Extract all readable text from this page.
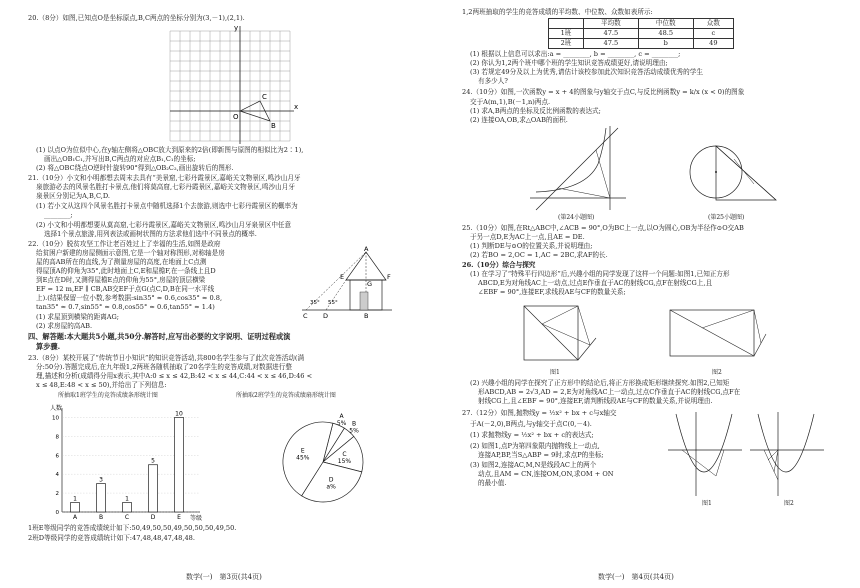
20.（8分）如图,已知点O是坐标原点,B,C两点的坐标分别为(3,－1),(2,1).
y
x
O
B
C
(1) 以点O为位似中心,在y轴左侧将△OBC放大到原来的2倍(即新图与原图的相似比为2∶1),
画出△OB₁C₁,并写出B,C两点的对应点B₁,C₁的坐标;
(2) 将△OBC绕点O逆时针旋转90°得到△OB₂C₂,画出旋转后的图形.
21.（10分）小文和小明都想去周末去具有“美景窟,七彩丹霞景区,嘉峪关文物景区,鸣沙山月牙
泉旅游必去的风景名胜打卡景点,他们将莫高窟,七彩丹霞景区,嘉峪关文物景区,鸣沙山月牙
泉景区分别记为A,B,C,D.
(1) 若小文从这四个风景名胜打卡景点中随机选择1个去旅游,则选中七彩丹霞景区的概率为
________;
(2) 小文和小明都想要从莫高窟,七彩丹霞景区,嘉峪关文物景区,鸣沙山月牙泉景区中任意
选择1个景点旅游,用列表法或画树状图的方法求他们选中不同景点的概率.
22.（10分）脱贫攻坚工作让老百姓过上了幸福的生活,如图是政府
给贫困户新建的房屋侧面示意图,它是一个轴对称图形,对称轴是房
屋的高AB所在的直线,为了测量房屋的高度,在地面上C点测
得屋顶A的仰角为35°,此时地面上C,E和屋檐F,在一条线上且D
到E点在D时,又测得屋檐E点的仰角为55°,房屋的顶层横梁
EF = 12 m,EF ∥ CB,AB交EF于点G(点C,D,B在同一水平线
上).(结果保留一位小数,参考数据:sin35° ≈ 0.6,cos35° ≈ 0.8,
tan35° ≈ 0.7,sin55° ≈ 0.8,cos55° ≈ 0.6,tan55° ≈ 1.4)
(1) 求屋顶到横梁的距离AG;
(2) 求房屋的高AB.
A
E
G
F
C D	B
35° 55°
四、解答题:本大题共5小题,共50分.解答时,应写出必要的文字说明、证明过程或演
算步骤.
23.（8分）某校开展了“传统节日小知识”的知识竞答活动,共800名学生参与了此次竞答活动(满
分:50分).答题完成后,在九年级1,2两班各随机抽取了20名学生的竞答成绩,对数据进行整
理,描述和分析(成绩得分用x表示,其中A:0 ≤ x ≤ 42,B:42 < x ≤ 44,C:44 < x ≤ 46,D:46 <
x ≤ 48,E:48 < x ≤ 50),并给出了下列信息:
所抽取1班学生的竞答成绩条形统计图	所抽取2班学生的竞答成绩扇形统计图
人数
等级
0
2
4
6
8
10
1
A
3
B
1
C
5
D
10
E
A
5% B
5%
C
15%
D
a%
E
45%
1班E等级同学的竞答成绩统计如下:50,49,50,50,49,50,50,50,49,50.
2班D等级同学的竞答成绩统计如下:47,48,48,47,48,48.
数学(一)　第3页(共4页)
1,2两班抽取的学生的竞答成绩的平均数、中位数、众数如表所示:
	平均数	中位数	众数
1班	47.5	48.5	c
2班	47.5	b	49
(1) 根据以上信息可以求出:a = ________, b = ________, c = ________;
(2) 你认为1,2两个班中哪个班的学生知识竞答成绩更好,请说明理由;
(3) 若规定49分及以上为优秀,请估计该校参加此次知识竞答活动成绩优秀的学生
有多少人?
24.（10分）如图,一次函数y = x + 4的图象与y轴交于点C,与反比例函数y = k/x (x < 0)的图象
交于A(m,1),B(－1,n)两点.
(1) 求A,B两点的坐标及反比例函数的表达式;
(2) 连接OA,OB,求△OAB的面积.
(第24小题图)	(第25小题图)
25.（10分）如图,在Rt△ABC中,∠ACB = 90°,O为BC上一点,以O为圆心,OB为半径作⊙O交AB
于另一点D,E为AC上一点,且AE = DE.
(1) 判断DE与⊙O的位置关系,并说明理由;
(2) 若BO = 2,OC = 1,AC = 2BC,求AF的长.
26.（10分）综合与探究
(1) 在学习了“特殊平行四边形”后,兴趣小组的同学发现了这样一个问题:如图1,已知正方形
ABCD,E为对角线AC上一动点,过点E作垂直于AC的射线CG,点F在射线CG上,且
∠EBF = 90°,连接EF,求线段AE与CF的数量关系;
图1	图2
(2) 兴趣小组的同学在探究了正方形中的结论后,将正方形换成矩形继续探究.如图2,已知矩
形ABCD,AB = 2√3,AD = 2,E为对角线AC上一动点,过点C作垂直于AC的射线CG,点F在
射线CG上,且∠EBF = 90°,连接EF,请判断线段AE与CF的数量关系,并说明理由.
27.（12分）如图,抛物线y = ½x² + bx + c与x轴交
于A(－2,0),B两点,与y轴交于点C(0,－4).
(1) 求抛物线y = ½x² + bx + c的表达式;
(2) 如图1,点P为第四象限内抛物线上一动点,
连接AP,BP,当S△ABP = 9时,求点P的坐标;
(3) 如图2,连接AC,M,N是线段AC上的两个
动点,且AM = CN,连接OM,ON,求OM + ON
的最小值.
图1	图2
数学(一)　第4页(共4页)
